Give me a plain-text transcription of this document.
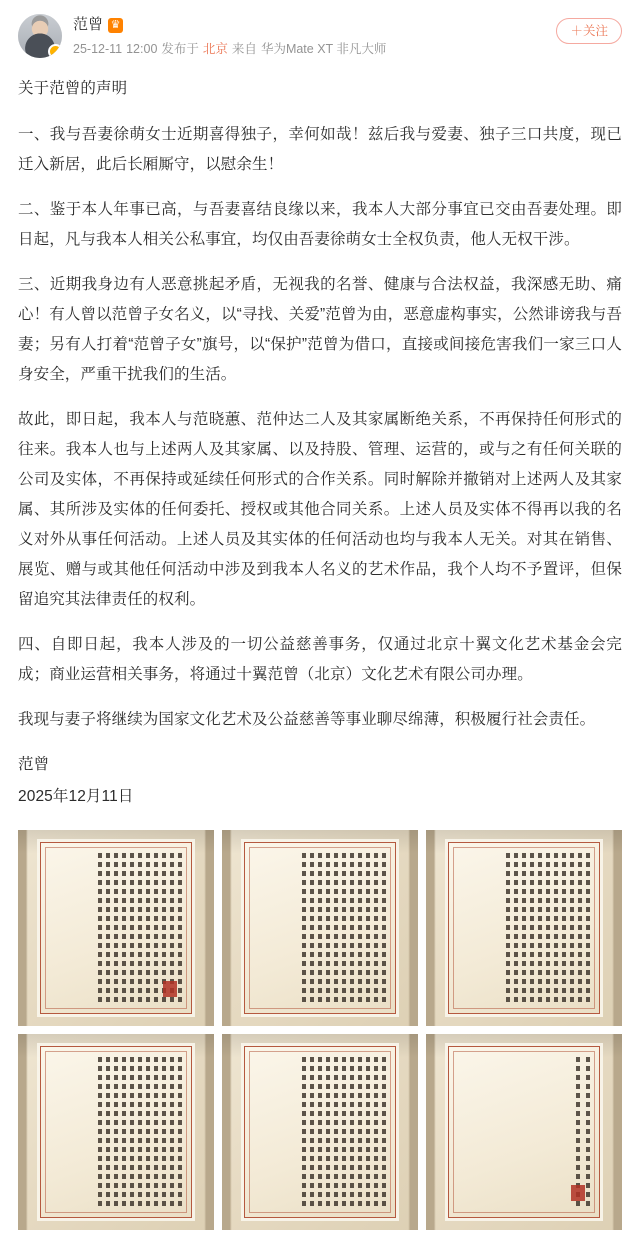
范曾 ♛
25-12-11 12:00 发布于 北京 来自 华为Mate XT 非凡大师
＋关注

关于范曾的声明

一、我与吾妻徐萌女士近期喜得独子，幸何如哉！兹后我与爱妻、独子三口共度，现已迁入新居，此后长厢厮守，以慰余生！

二、鉴于本人年事已高，与吾妻喜结良缘以来，我本人大部分事宜已交由吾妻处理。即日起，凡与我本人相关公私事宜，均仅由吾妻徐萌女士全权负责，他人无权干涉。

三、近期我身边有人恶意挑起矛盾，无视我的名誉、健康与合法权益，我深感无助、痛心！有人曾以范曾子女名义，以“寻找、关爱”范曾为由，恶意虚构事实，公然诽谤我与吾妻；另有人打着“范曾子女”旗号，以“保护”范曾为借口，直接或间接危害我们一家三口人身安全，严重干扰我们的生活。

故此，即日起，我本人与范晓蕙、范仲达二人及其家属断绝关系，不再保持任何形式的往来。我本人也与上述两人及其家属、以及持股、管理、运营的，或与之有任何关联的公司及实体，不再保持或延续任何形式的合作关系。同时解除并撤销对上述两人及其家属、其所涉及实体的任何委托、授权或其他合同关系。上述人员及实体不得再以我的名义对外从事任何活动。上述人员及其实体的任何活动也均与我本人无关。对其在销售、展览、赠与或其他任何活动中涉及到我本人名义的艺术作品，我个人均不予置评，但保留追究其法律责任的权利。

四、自即日起，我本人涉及的一切公益慈善事务，仅通过北京十翼文化艺术基金会完成；商业运营相关事务，将通过十翼范曾（北京）文化艺术有限公司办理。

我现与妻子将继续为国家文化艺术及公益慈善等事业聊尽绵薄，积极履行社会责任。

范曾

2025年12月11日
